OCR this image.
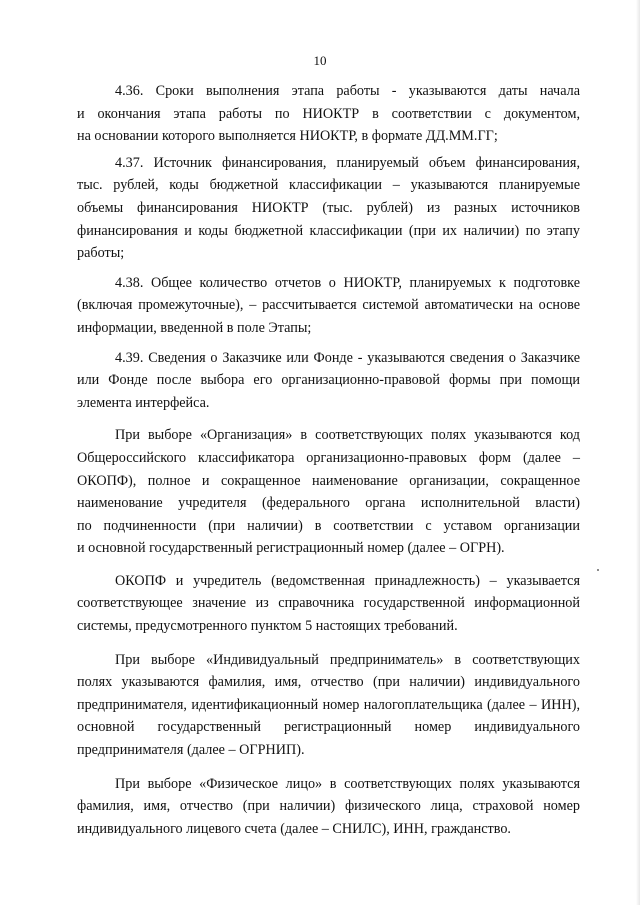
10

4.36. Сроки выполнения этапа работы - указываются даты начала
и окончания этапа работы по НИОКТР в соответствии с документом,
на основании которого выполняется НИОКТР, в формате ДД.ММ.ГГ;

4.37. Источник финансирования, планируемый объем финансирования,
тыс. рублей, коды бюджетной классификации – указываются планируемые
объемы финансирования НИОКТР (тыс. рублей) из разных источников
финансирования и коды бюджетной классификации (при их наличии) по этапу
работы;

4.38. Общее количество отчетов о НИОКТР, планируемых к подготовке
(включая промежуточные), – рассчитывается системой автоматически на основе
информации, введенной в поле Этапы;

4.39. Сведения о Заказчике или Фонде - указываются сведения о Заказчике
или Фонде после выбора его организационно-правовой формы при помощи
элемента интерфейса.

При выборе «Организация» в соответствующих полях указываются код
Общероссийского классификатора организационно-правовых форм (далее –
ОКОПФ), полное и сокращенное наименование организации, сокращенное
наименование учредителя (федерального органа исполнительной власти)
по подчиненности (при наличии) в соответствии с уставом организации
и основной государственный регистрационный номер (далее – ОГРН).

ОКОПФ и учредитель (ведомственная принадлежность) – указывается
соответствующее значение из справочника государственной информационной
системы, предусмотренного пунктом 5 настоящих требований.

При выборе «Индивидуальный предприниматель» в соответствующих
полях указываются фамилия, имя, отчество (при наличии) индивидуального
предпринимателя, идентификационный номер налогоплательщика (далее – ИНН),
основной государственный регистрационный номер индивидуального
предпринимателя (далее – ОГРНИП).

При выборе «Физическое лицо» в соответствующих полях указываются
фамилия, имя, отчество (при наличии) физического лица, страховой номер
индивидуального лицевого счета (далее – СНИЛС), ИНН, гражданство.
